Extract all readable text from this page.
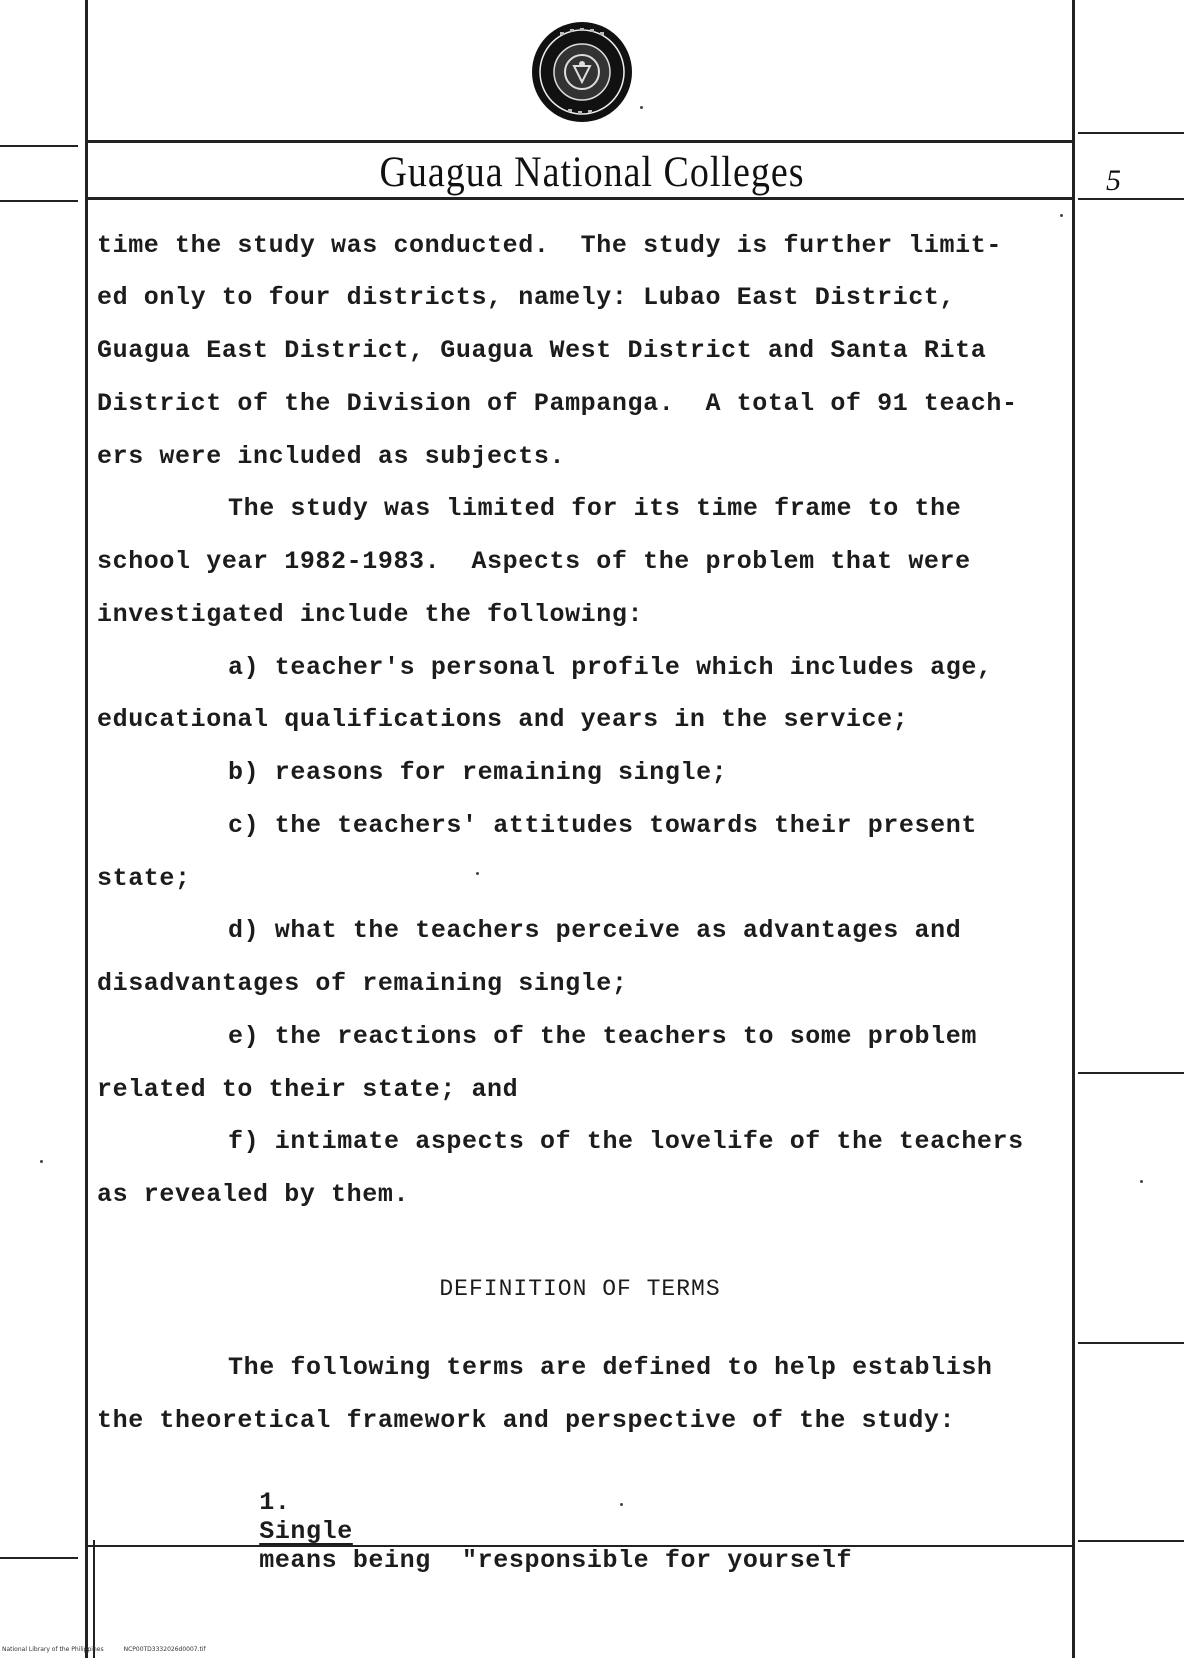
Guagua National Colleges	5
time the study was conducted.  The study is further limit-
ed only to four districts, namely: Lubao East District,
Guagua East District, Guagua West District and Santa Rita
District of the Division of Pampanga.  A total of 91 teach-
ers were included as subjects.
The study was limited for its time frame to the
school year 1982-1983.  Aspects of the problem that were
investigated include the following:
a) teacher's personal profile which includes age,
educational qualifications and years in the service;
b) reasons for remaining single;
c) the teachers' attitudes towards their present
state;
d) what the teachers perceive as advantages and
disadvantages of remaining single;
e) the reactions of the teachers to some problem
related to their state; and
f) intimate aspects of the lovelife of the teachers
as revealed by them.
DEFINITION OF TERMS
The following terms are defined to help establish
the theoretical framework and perspective of the study:

1.
Single
means being  "responsible for yourself

National Library of the Philippines	NCP00TD3332026d0007.tif
